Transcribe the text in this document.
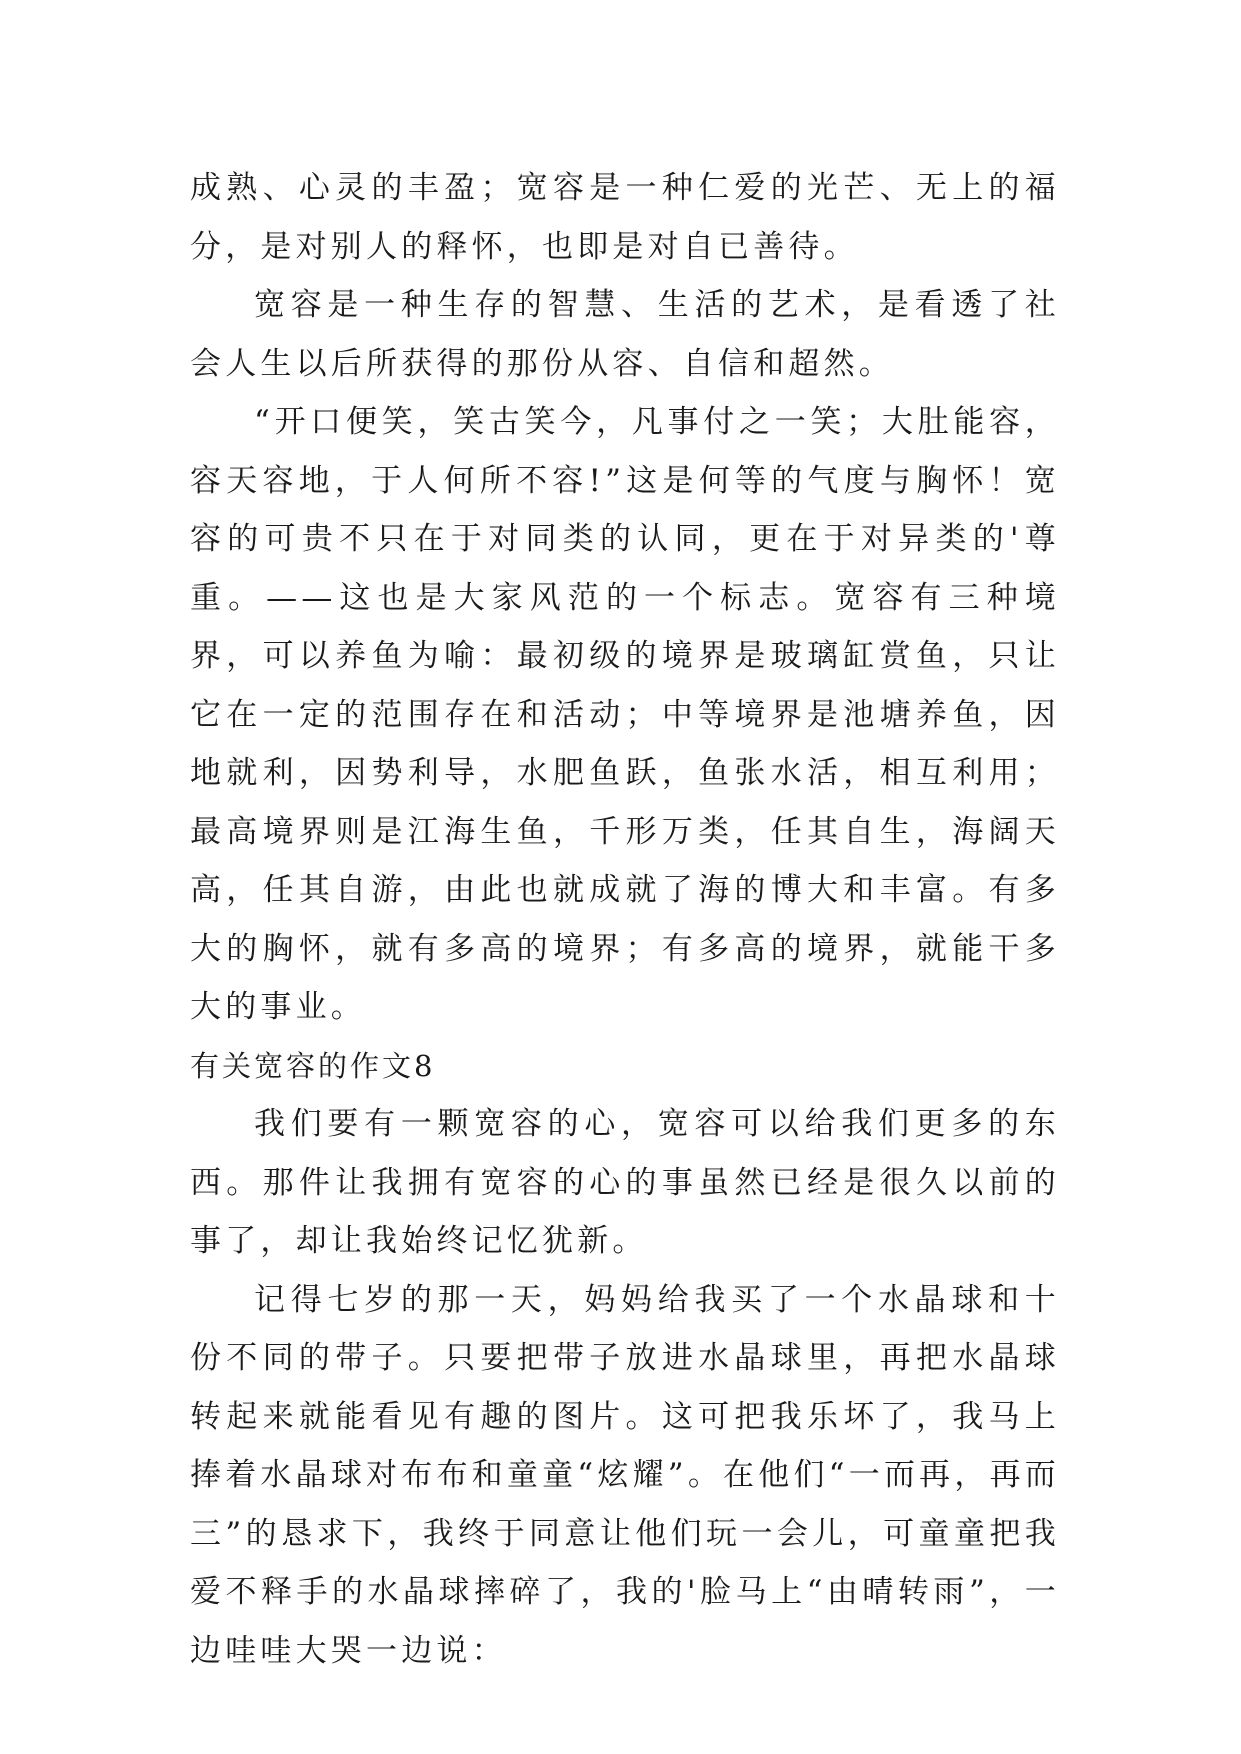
成熟、心灵的丰盈；宽容是一种仁爱的光芒、无上的福分，是对别人的释怀，也即是对自已善待。

宽容是一种生存的智慧、生活的艺术，是看透了社会人生以后所获得的那份从容、自信和超然。

“开口便笑，笑古笑今，凡事付之一笑；大肚能容，容天容地，于人何所不容!”这是何等的气度与胸怀！宽容的可贵不只在于对同类的认同，更在于对异类的'尊重。——这也是大家风范的一个标志。宽容有三种境界，可以养鱼为喻：最初级的境界是玻璃缸赏鱼，只让它在一定的范围存在和活动；中等境界是池塘养鱼，因地就利，因势利导，水肥鱼跃，鱼张水活，相互利用；最高境界则是江海生鱼，千形万类，任其自生，海阔天高，任其自游，由此也就成就了海的博大和丰富。有多大的胸怀，就有多高的境界；有多高的境界，就能干多大的事业。

有关宽容的作文8

我们要有一颗宽容的心，宽容可以给我们更多的东西。那件让我拥有宽容的心的事虽然已经是很久以前的事了，却让我始终记忆犹新。

记得七岁的那一天，妈妈给我买了一个水晶球和十份不同的带子。只要把带子放进水晶球里，再把水晶球转起来就能看见有趣的图片。这可把我乐坏了，我马上捧着水晶球对布布和童童“炫耀”。在他们“一而再，再而三”的恳求下，我终于同意让他们玩一会儿，可童童把我爱不释手的水晶球摔碎了，我的'脸马上“由晴转雨”，一边哇哇大哭一边说：
